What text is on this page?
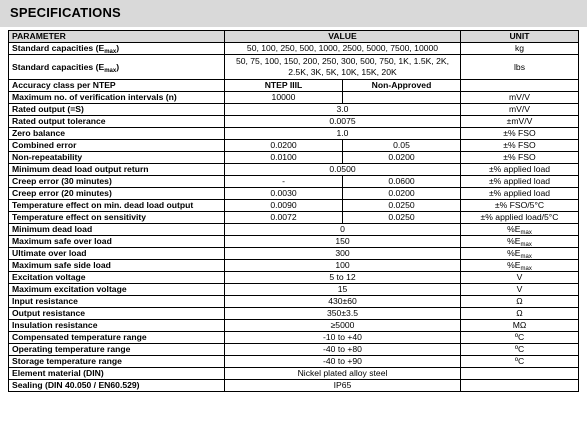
SPECIFICATIONS
PARAMETER	VALUE		UNIT
Standard capacities $(E_{max})$	50, 100, 250, 500, 1000, 2500, 5000, 7500, 10000		kg
Standard capacities $(E_{max})$	50, 75, 100, 150, 200, 250, 300, 500, 750, 1K, 1.5K, 2K, 2.5K, 3K, 5K, 10K, 15K, 20K		lbs
Accuracy class per NTEP	NTEP IIIL	Non-Approved	
Maximum no. of verification intervals (n)	10000		mV/V
Rated output (=S)	3.0		mV/V
Rated output tolerance	0.0075		±mV/V
Zero balance	1.0		±% FSO
Combined error	0.0200	0.05	±% FSO
Non-repeatability	0.0100	0.0200	±% FSO
Minimum dead load output return	0.0500		±% applied load
Creep error (30 minutes)	-	0.0600	±% applied load
Creep error (20 minutes)	0.0030	0.0200	±% applied load
Temperature effect on min. dead load output	0.0090	0.0250	±% FSO/5°C
Temperature effect on sensitivity	0.0072	0.0250	±% applied load/5°C
Minimum dead load	0		$\%E_{max}$
Maximum safe over load	150		$\%E_{max}$
Ultimate over load	300		$\%E_{max}$
Maximum safe side load	100		$\%E_{max}$
Excitation voltage	5 to 12		V
Maximum excitation voltage	15		V
Input resistance	430±60		Ω
Output resistance	350±3.5		Ω
Insulation resistance	≥5000		MΩ
Compensated temperature range	-10 to +40		ºC
Operating temperature range	-40 to +80		ºC
Storage temperature range	-40 to +90		ºC
Element material (DIN)	Nickel plated alloy steel		
Sealing (DIN 40.050 / EN60.529)	IP65		
